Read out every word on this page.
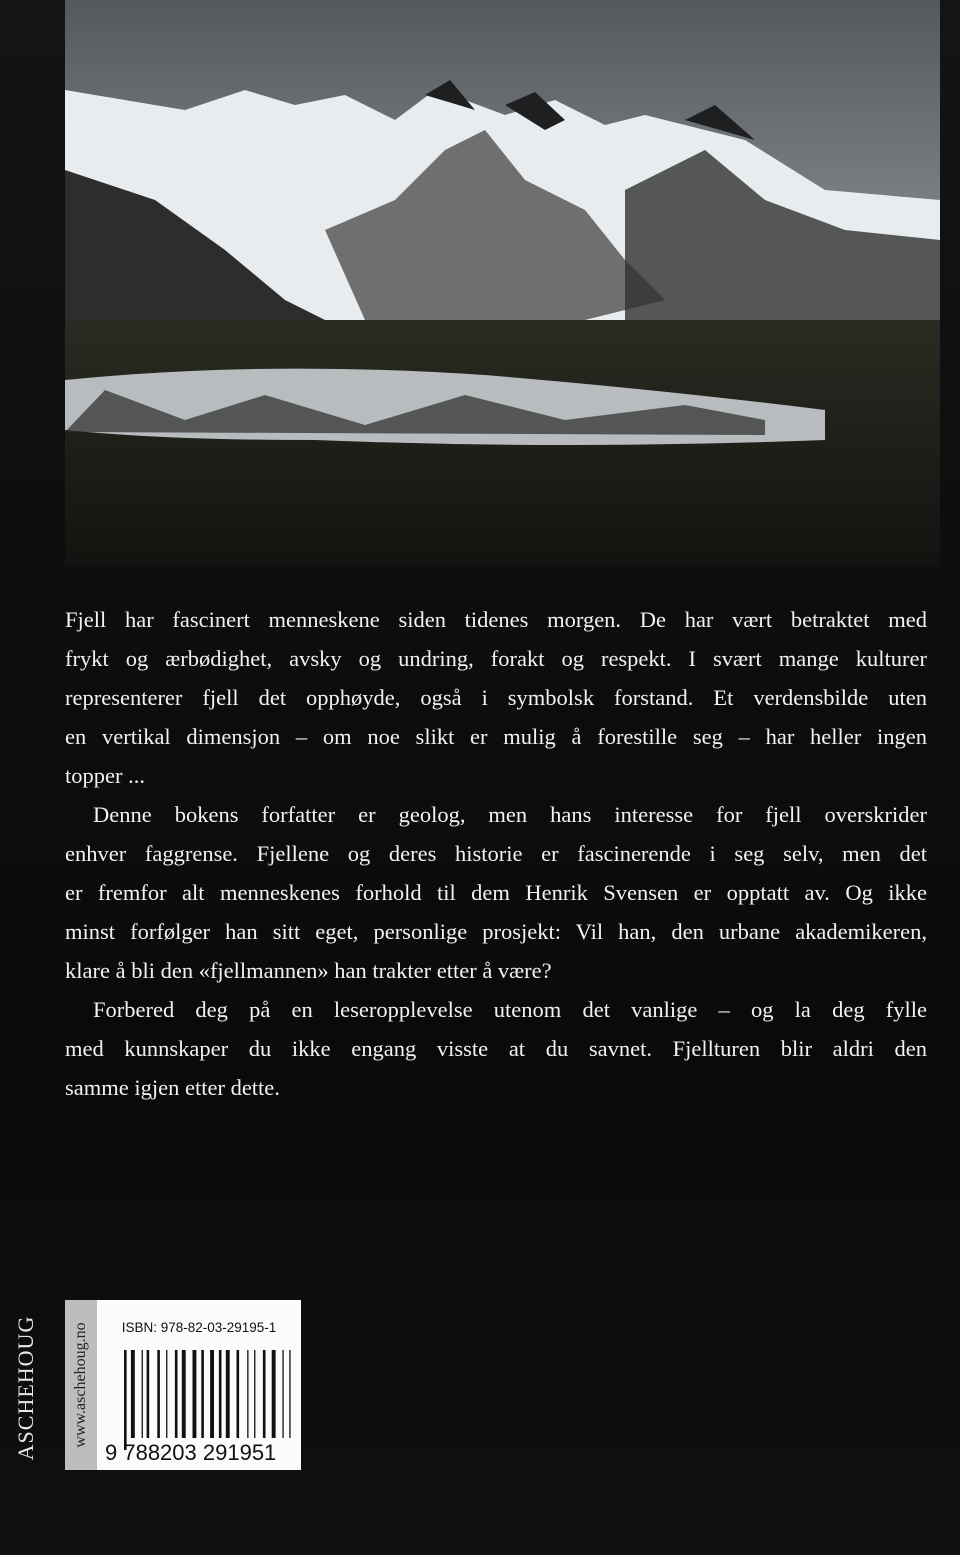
Fjell har fascinert menneskene siden tidenes morgen. De har vært betraktet med
frykt og ærbødighet, avsky og undring, forakt og respekt. I svært mange kulturer
representerer fjell det opphøyde, også i symbolsk forstand. Et verdensbilde uten
en vertikal dimensjon – om noe slikt er mulig å forestille seg – har heller ingen
topper ...

Denne bokens forfatter er geolog, men hans interesse for fjell overskrider
enhver faggrense. Fjellene og deres historie er fascinerende i seg selv, men det
er fremfor alt menneskenes forhold til dem Henrik Svensen er opptatt av. Og ikke
minst forfølger han sitt eget, personlige prosjekt: Vil han, den urbane akademikeren,
klare å bli den «fjellmannen» han trakter etter å være?

Forbered deg på en leseropplevelse utenom det vanlige – og la deg fylle
med kunnskaper du ikke engang visste at du savnet. Fjellturen blir aldri den
samme igjen etter dette.

ASCHEHOUG www.aschehoug.no	ISBN: 978-82-03-29195-1
9 788203 291951
